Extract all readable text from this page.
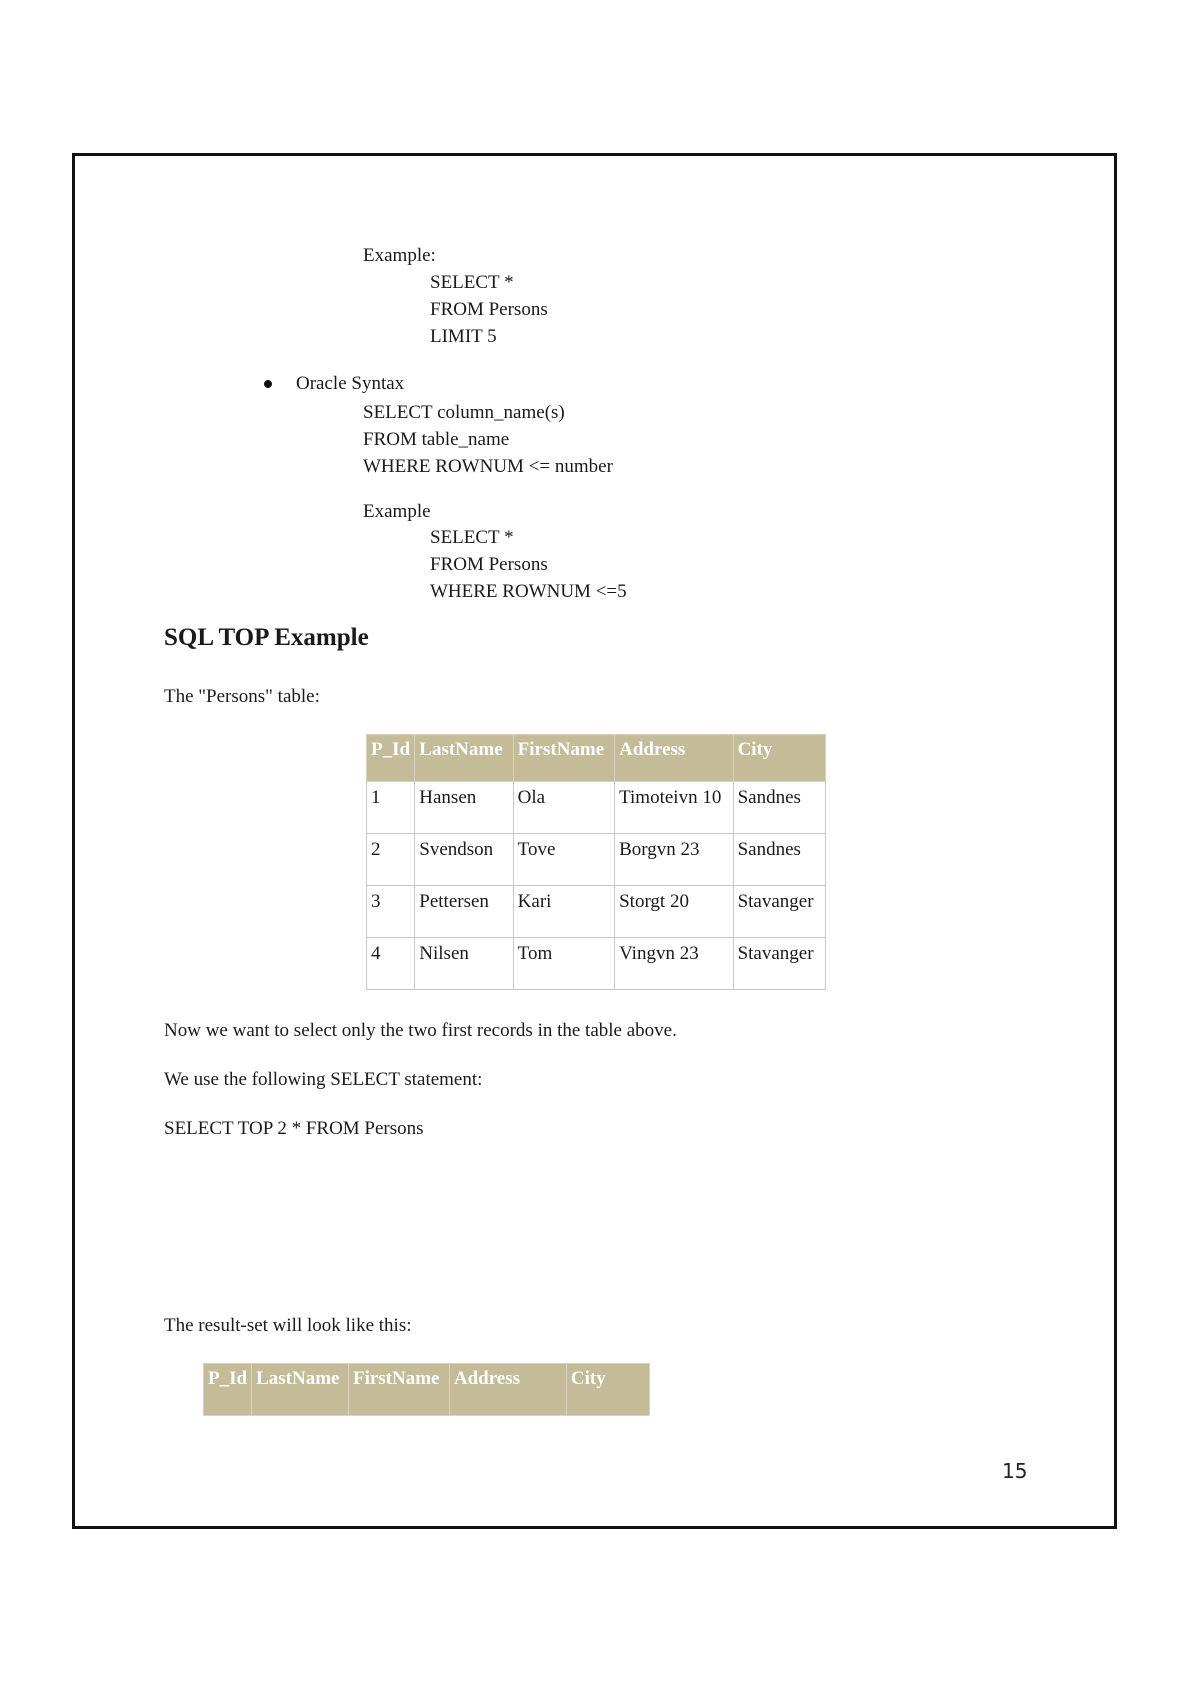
Example:
SELECT *
FROM Persons
LIMIT 5
Oracle Syntax
SELECT column_name(s)
FROM table_name
WHERE ROWNUM <= number
Example
SELECT *
FROM Persons
WHERE ROWNUM <=5
SQL TOP Example
The "Persons" table:
P_Id	LastName	FirstName	Address	City
1	Hansen	Ola	Timoteivn 10	Sandnes
2	Svendson	Tove	Borgvn 23	Sandnes
3	Pettersen	Kari	Storgt 20	Stavanger
4	Nilsen	Tom	Vingvn 23	Stavanger
Now we want to select only the two first records in the table above.
We use the following SELECT statement:
SELECT TOP 2 * FROM Persons
The result-set will look like this:
P_Id	LastName	FirstName	Address	City
15
